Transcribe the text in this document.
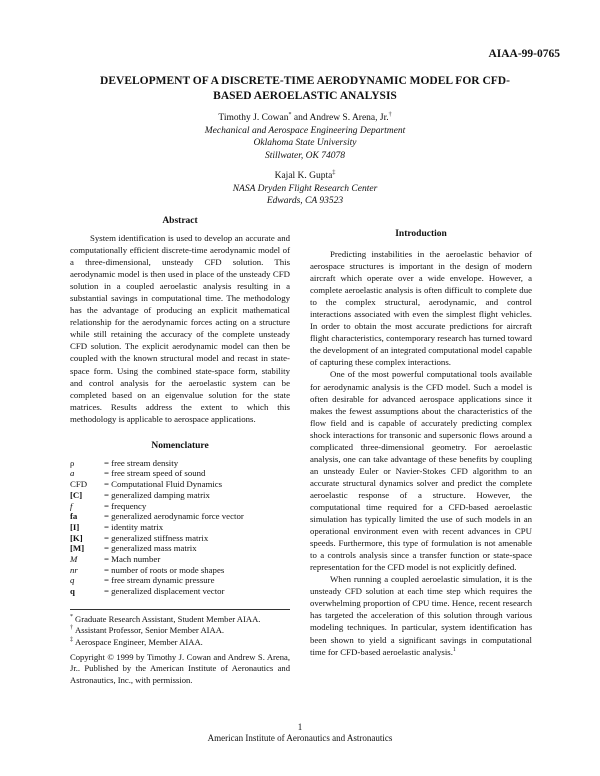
AIAA-99-0765
DEVELOPMENT OF A DISCRETE-TIME AERODYNAMIC MODEL FOR CFD-
BASED AEROELASTIC ANALYSIS
Timothy J. Cowan* and Andrew S. Arena, Jr.†
Mechanical and Aerospace Engineering Department
Oklahoma State University
Stillwater, OK 74078
Kajal K. Gupta‡
NASA Dryden Flight Research Center
Edwards, CA 93523
Abstract

System identification is used to develop an accurate and computationally efficient discrete-time aerodynamic model of a three-dimensional, unsteady CFD solution. This aerodynamic model is then used in place of the unsteady CFD solution in a coupled aeroelastic analysis resulting in a substantial savings in computational time. The methodology has the advantage of producing an explicit mathematical relationship for the aerodynamic forces acting on a structure while still retaining the accuracy of the complete unsteady CFD solution. The explicit aerodynamic model can then be coupled with the known structural model and recast in state-space form. Using the combined state-space form, stability and control analysis for the aeroelastic system can be completed based on an eigenvalue solution for the state matrices. Results address the extent to which this methodology is applicable to aerospace applications.

Nomenclature
ρ	= free stream density
a	= free stream speed of sound
CFD	= Computational Fluid Dynamics
[C]	= generalized damping matrix
f	= frequency
fa	= generalized aerodynamic force vector
[I]	= identity matrix
[K]	= generalized stiffness matrix
[M]	= generalized mass matrix
M	= Mach number
nr	= number of roots or mode shapes
q	= free stream dynamic pressure
q	= generalized displacement vector
* Graduate Research Assistant, Student Member AIAA.
† Assistant Professor, Senior Member AIAA.
‡ Aerospace Engineer, Member AIAA.
Copyright © 1999 by Timothy J. Cowan and Andrew S. Arena, Jr.. Published by the American Institute of Aeronautics and Astronautics, Inc., with permission.
Introduction

Predicting instabilities in the aeroelastic behavior of aerospace structures is important in the design of modern aircraft which operate over a wide envelope. However, a complete aeroelastic analysis is often difficult to complete due to the complex structural, aerodynamic, and control interactions associated with even the simplest flight vehicles. In order to obtain the most accurate predictions for aircraft flight characteristics, contemporary research has turned toward the development of an integrated computational model capable of capturing these complex interactions.

One of the most powerful computational tools available for aerodynamic analysis is the CFD model. Such a model is often desirable for advanced aerospace applications since it makes the fewest assumptions about the characteristics of the flow field and is capable of accurately predicting complex shock interactions for transonic and supersonic flows around a complicated three-dimensional geometry. For aeroelastic analysis, one can take advantage of these benefits by coupling an unsteady Euler or Navier-Stokes CFD algorithm to an accurate structural dynamics solver and predict the complete aeroelastic response of a structure. However, the computational time required for a CFD-based aeroelastic simulation has typically limited the use of such models in an operational environment even with recent advances in CPU speeds. Furthermore, this type of formulation is not amenable to a controls analysis since a transfer function or state-space representation for the CFD model is not explicitly defined.

When running a coupled aeroelastic simulation, it is the unsteady CFD solution at each time step which requires the overwhelming proportion of CPU time. Hence, recent research has targeted the acceleration of this solution through various modeling techniques. In particular, system identification has been shown to yield a significant savings in computational time for CFD-based aeroelastic analysis.$^1$

1
American Institute of Aeronautics and Astronautics
